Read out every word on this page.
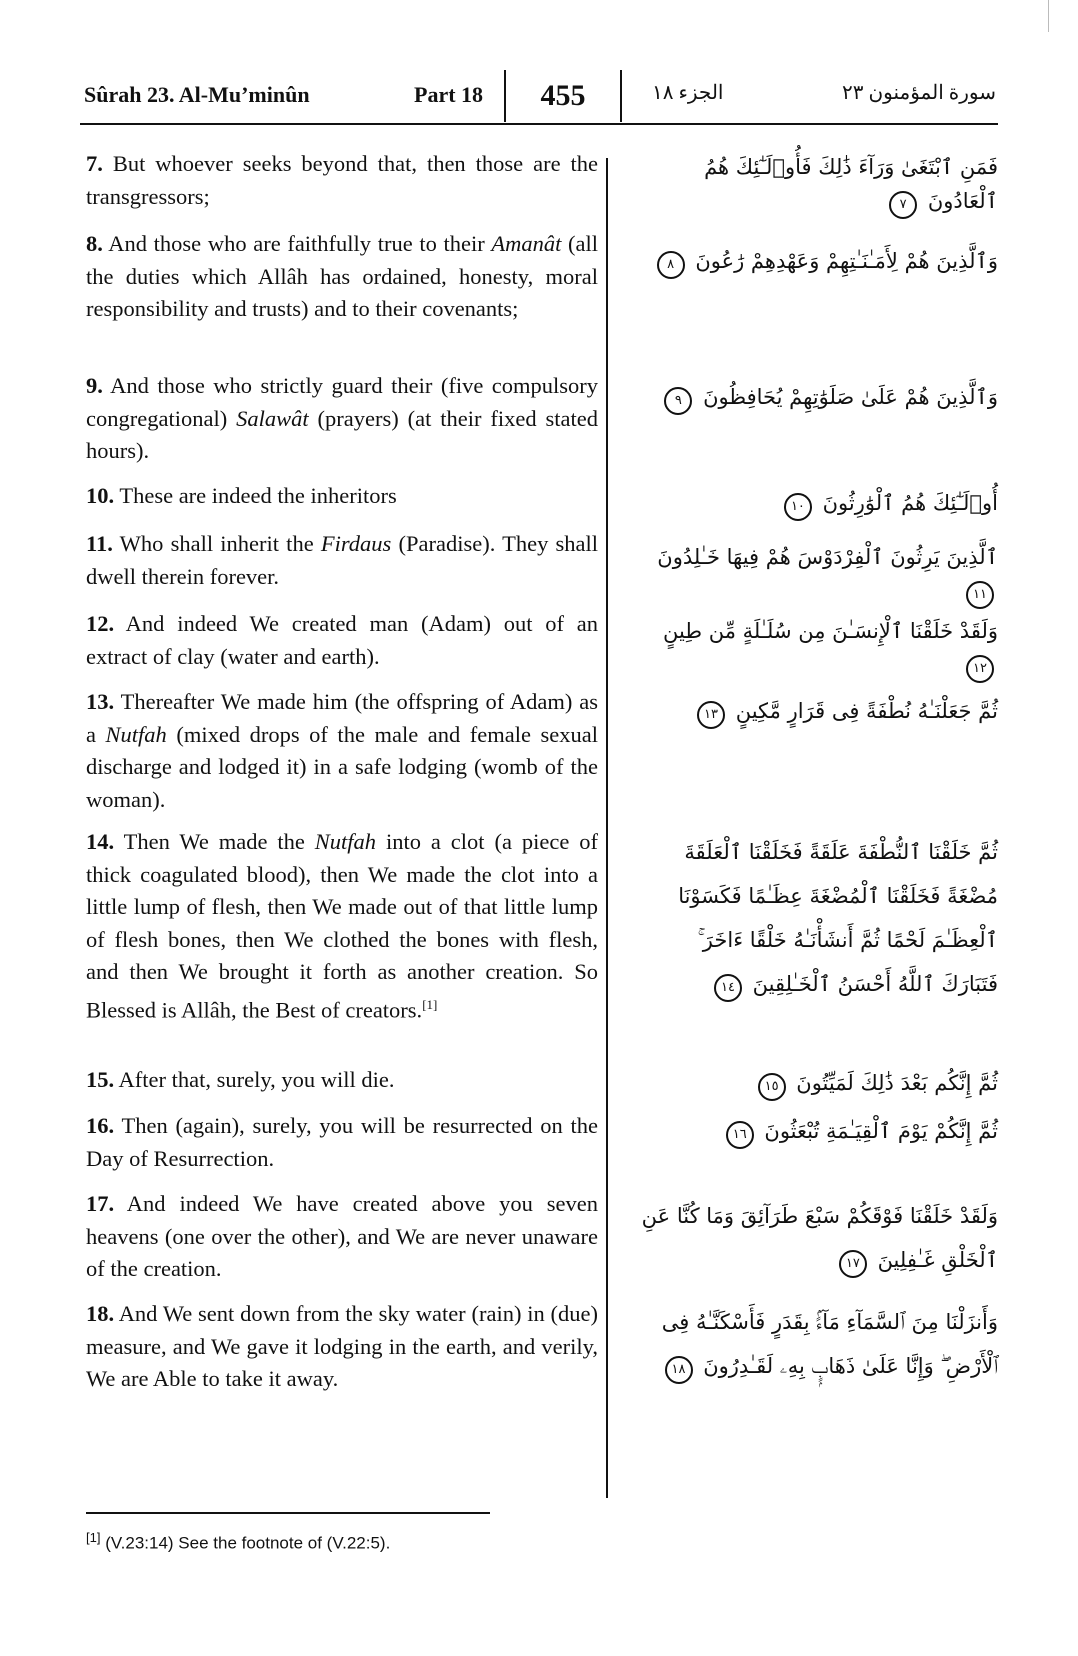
Sûrah 23. Al-Mu’minûn	Part 18	455	الجزء ١٨	سورة المؤمنون ٢٣
7. But whoever seeks beyond that, then those are the transgressors;
فَمَنِ ٱبْتَغَىٰ وَرَآءَ ذَٰلِكَ فَأُو۟لَـٰٓئِكَ هُمُ ٱلْعَادُونَ ٧
8. And those who are faithfully true to their Amanât (all the duties which Allâh has ordained, honesty, moral responsibility and trusts) and to their covenants;
وَٱلَّذِينَ هُمْ لِأَمَـٰنَـٰتِهِمْ وَعَهْدِهِمْ رَٰعُونَ ٨
9. And those who strictly guard their (five compulsory congregational) Salawât (prayers) (at their fixed stated hours).
وَٱلَّذِينَ هُمْ عَلَىٰ صَلَوَٰتِهِمْ يُحَافِظُونَ ٩
10. These are indeed the inheritors	أُو۟لَـٰٓئِكَ هُمُ ٱلْوَٰرِثُونَ ١٠
11. Who shall inherit the Firdaus (Paradise). They shall dwell therein forever.
ٱلَّذِينَ يَرِثُونَ ٱلْفِرْدَوْسَ هُمْ فِيهَا خَـٰلِدُونَ ١١
12. And indeed We created man (Adam) out of an extract of clay (water and earth).
وَلَقَدْ خَلَقْنَا ٱلْإِنسَـٰنَ مِن سُلَـٰلَةٍ مِّن طِينٍ ١٢
13. Thereafter We made him (the offspring of Adam) as a Nutfah (mixed drops of the male and female sexual discharge and lodged it) in a safe lodging (womb of the woman).
ثُمَّ جَعَلْنَـٰهُ نُطْفَةً فِى قَرَارٍ مَّكِينٍ ١٣
14. Then We made the Nutfah into a clot (a piece of thick coagulated blood), then We made the clot into a little lump of flesh, then We made out of that little lump of flesh bones, then We clothed the bones with flesh, and then We brought it forth as another creation. So Blessed is Allâh, the Best of creators.[1]
ثُمَّ خَلَقْنَا ٱلنُّطْفَةَ عَلَقَةً فَخَلَقْنَا ٱلْعَلَقَةَ مُضْغَةً فَخَلَقْنَا ٱلْمُضْغَةَ عِظَـٰمًا فَكَسَوْنَا ٱلْعِظَـٰمَ لَحْمًا ثُمَّ أَنشَأْنَـٰهُ خَلْقًا ءَاخَرَ ۚ فَتَبَارَكَ ٱللَّهُ أَحْسَنُ ٱلْخَـٰلِقِينَ ١٤
15. After that, surely, you will die.	ثُمَّ إِنَّكُم بَعْدَ ذَٰلِكَ لَمَيِّتُونَ ١٥
16. Then (again), surely, you will be resurrected on the Day of Resurrection.
ثُمَّ إِنَّكُمْ يَوْمَ ٱلْقِيَـٰمَةِ تُبْعَثُونَ ١٦
17. And indeed We have created above you seven heavens (one over the other), and We are never unaware of the creation.
وَلَقَدْ خَلَقْنَا فَوْقَكُمْ سَبْعَ طَرَآئِقَ وَمَا كُنَّا عَنِ ٱلْخَلْقِ غَـٰفِلِينَ ١٧
18. And We sent down from the sky water (rain) in (due) measure, and We gave it lodging in the earth, and verily, We are Able to take it away.
وَأَنزَلْنَا مِنَ ٱلسَّمَآءِ مَآءًۢ بِقَدَرٍ فَأَسْكَنَّـٰهُ فِى ٱلْأَرْضِ ۖ وَإِنَّا عَلَىٰ ذَهَابٍۭ بِهِۦ لَقَـٰدِرُونَ ١٨
[1] (V.23:14) See the footnote of (V.22:5).
